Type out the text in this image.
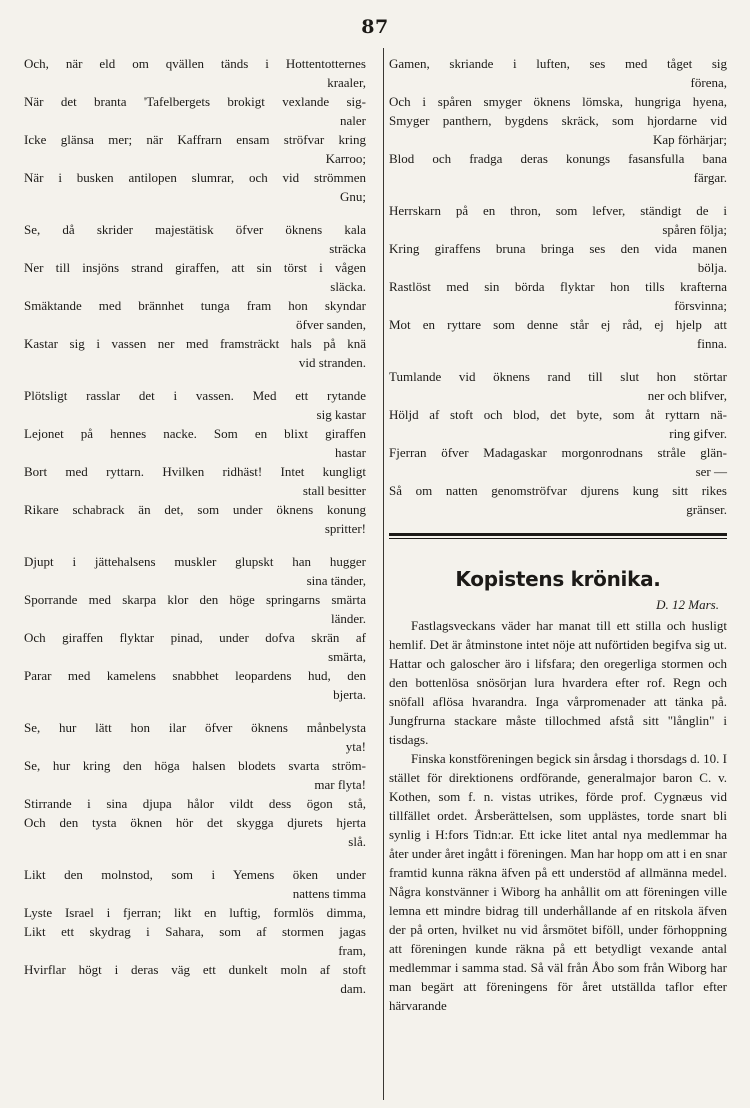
87
Och, när eld om qvällen tänds i Hottentotternes
kraaler,
När det branta 'Tafelbergets brokigt vexlande sig-
naler
Icke glänsa mer; när Kaffrarn ensam ströfvar kring
Karroo;
När i busken antilopen slumrar, och vid strömmen
Gnu;
Se, då skrider majestätisk öfver öknens kala
sträcka
Ner till insjöns strand giraffen, att sin törst i vågen
släcka.
Smäktande med brännhet tunga fram hon skyndar
öfver sanden,
Kastar sig i vassen ner med framsträckt hals på knä
vid stranden.
Plötsligt rasslar det i vassen. Med ett rytande
sig kastar
Lejonet på hennes nacke. Som en blixt giraffen
hastar
Bort med ryttarn. Hvilken ridhäst! Intet kungligt
stall besitter
Rikare schabrack än det, som under öknens konung
spritter!
Djupt i jättehalsens muskler glupskt han hugger
sina tänder,
Sporrande med skarpa klor den höge springarns smärta
länder.
Och giraffen flyktar pinad, under dofva skrän af
smärta,
Parar med kamelens snabbhet leopardens hud, den
bjerta.
Se, hur lätt hon ilar öfver öknens månbelysta
yta!
Se, hur kring den höga halsen blodets svarta ström-
mar flyta!
Stirrande i sina djupa hålor vildt dess ögon stå,
Och den tysta öknen hör det skygga djurets hjerta
slå.
Likt den molnstod, som i Yemens öken under
nattens timma
Lyste Israel i fjerran; likt en luftig, formlös dimma,
Likt ett skydrag i Sahara, som af stormen jagas
fram,
Hvirflar högt i deras väg ett dunkelt moln af stoft
dam.
Gamen, skriande i luften, ses med tåget sig
förena,
Och i spåren smyger öknens lömska, hungriga hyena,
Smyger panthern, bygdens skräck, som hjordarne vid
Kap förhärjar;
Blod och fradga deras konungs fasansfulla bana
färgar.
Herrskarn på en thron, som lefver, ständigt de i
spåren följa;
Kring giraffens bruna bringa ses den vida manen
bölja.
Rastlöst med sin börda flyktar hon tills krafterna
försvinna;
Mot en ryttare som denne står ej råd, ej hjelp att
finna.
Tumlande vid öknens rand till slut hon störtar
ner och blifver,
Höljd af stoft och blod, det byte, som åt ryttarn nä-
ring gifver.
Fjerran öfver Madagaskar morgonrodnans stråle glän-
ser —
Så om natten genomströfvar djurens kung sitt rikes
gränser.
Kopistens krönika.
D. 12 Mars.

Fastlagsveckans väder har manat till ett stilla och husligt hemlif. Det är åtminstone intet nöje att nuförtiden begifva sig ut. Hattar och galoscher äro i lifsfara; den oregerliga stormen och den bottenlösa snösörjan lura hvardera efter rof. Regn och snöfall aflösa hvarandra. Inga vårpromenader att tänka på. Jungfrurna stackare måste tillochmed afstå sitt "långlin" i tisdags.

Finska konstföreningen begick sin årsdag i thorsdags d. 10. I stället för direktionens ordförande, generalmajor baron C. v. Kothen, som f. n. vistas utrikes, förde prof. Cygnæus vid tillfället ordet. Årsberättelsen, som upplästes, torde snart bli synlig i H:fors Tidn:ar. Ett icke litet antal nya medlemmar ha åter under året ingått i föreningen. Man har hopp om att i en snar framtid kunna räkna äfven på ett understöd af allmänna medel. Några konstvänner i Wiborg ha anhållit om att föreningen ville lemna ett mindre bidrag till underhållande af en ritskola äfven der på orten, hvilket nu vid årsmötet biföll, under förhoppning att föreningen kunde räkna på ett betydligt vexande antal medlemmar i samma stad. Så väl från Åbo som från Wiborg har man begärt att föreningens för året utställda taflor efter härvarande
